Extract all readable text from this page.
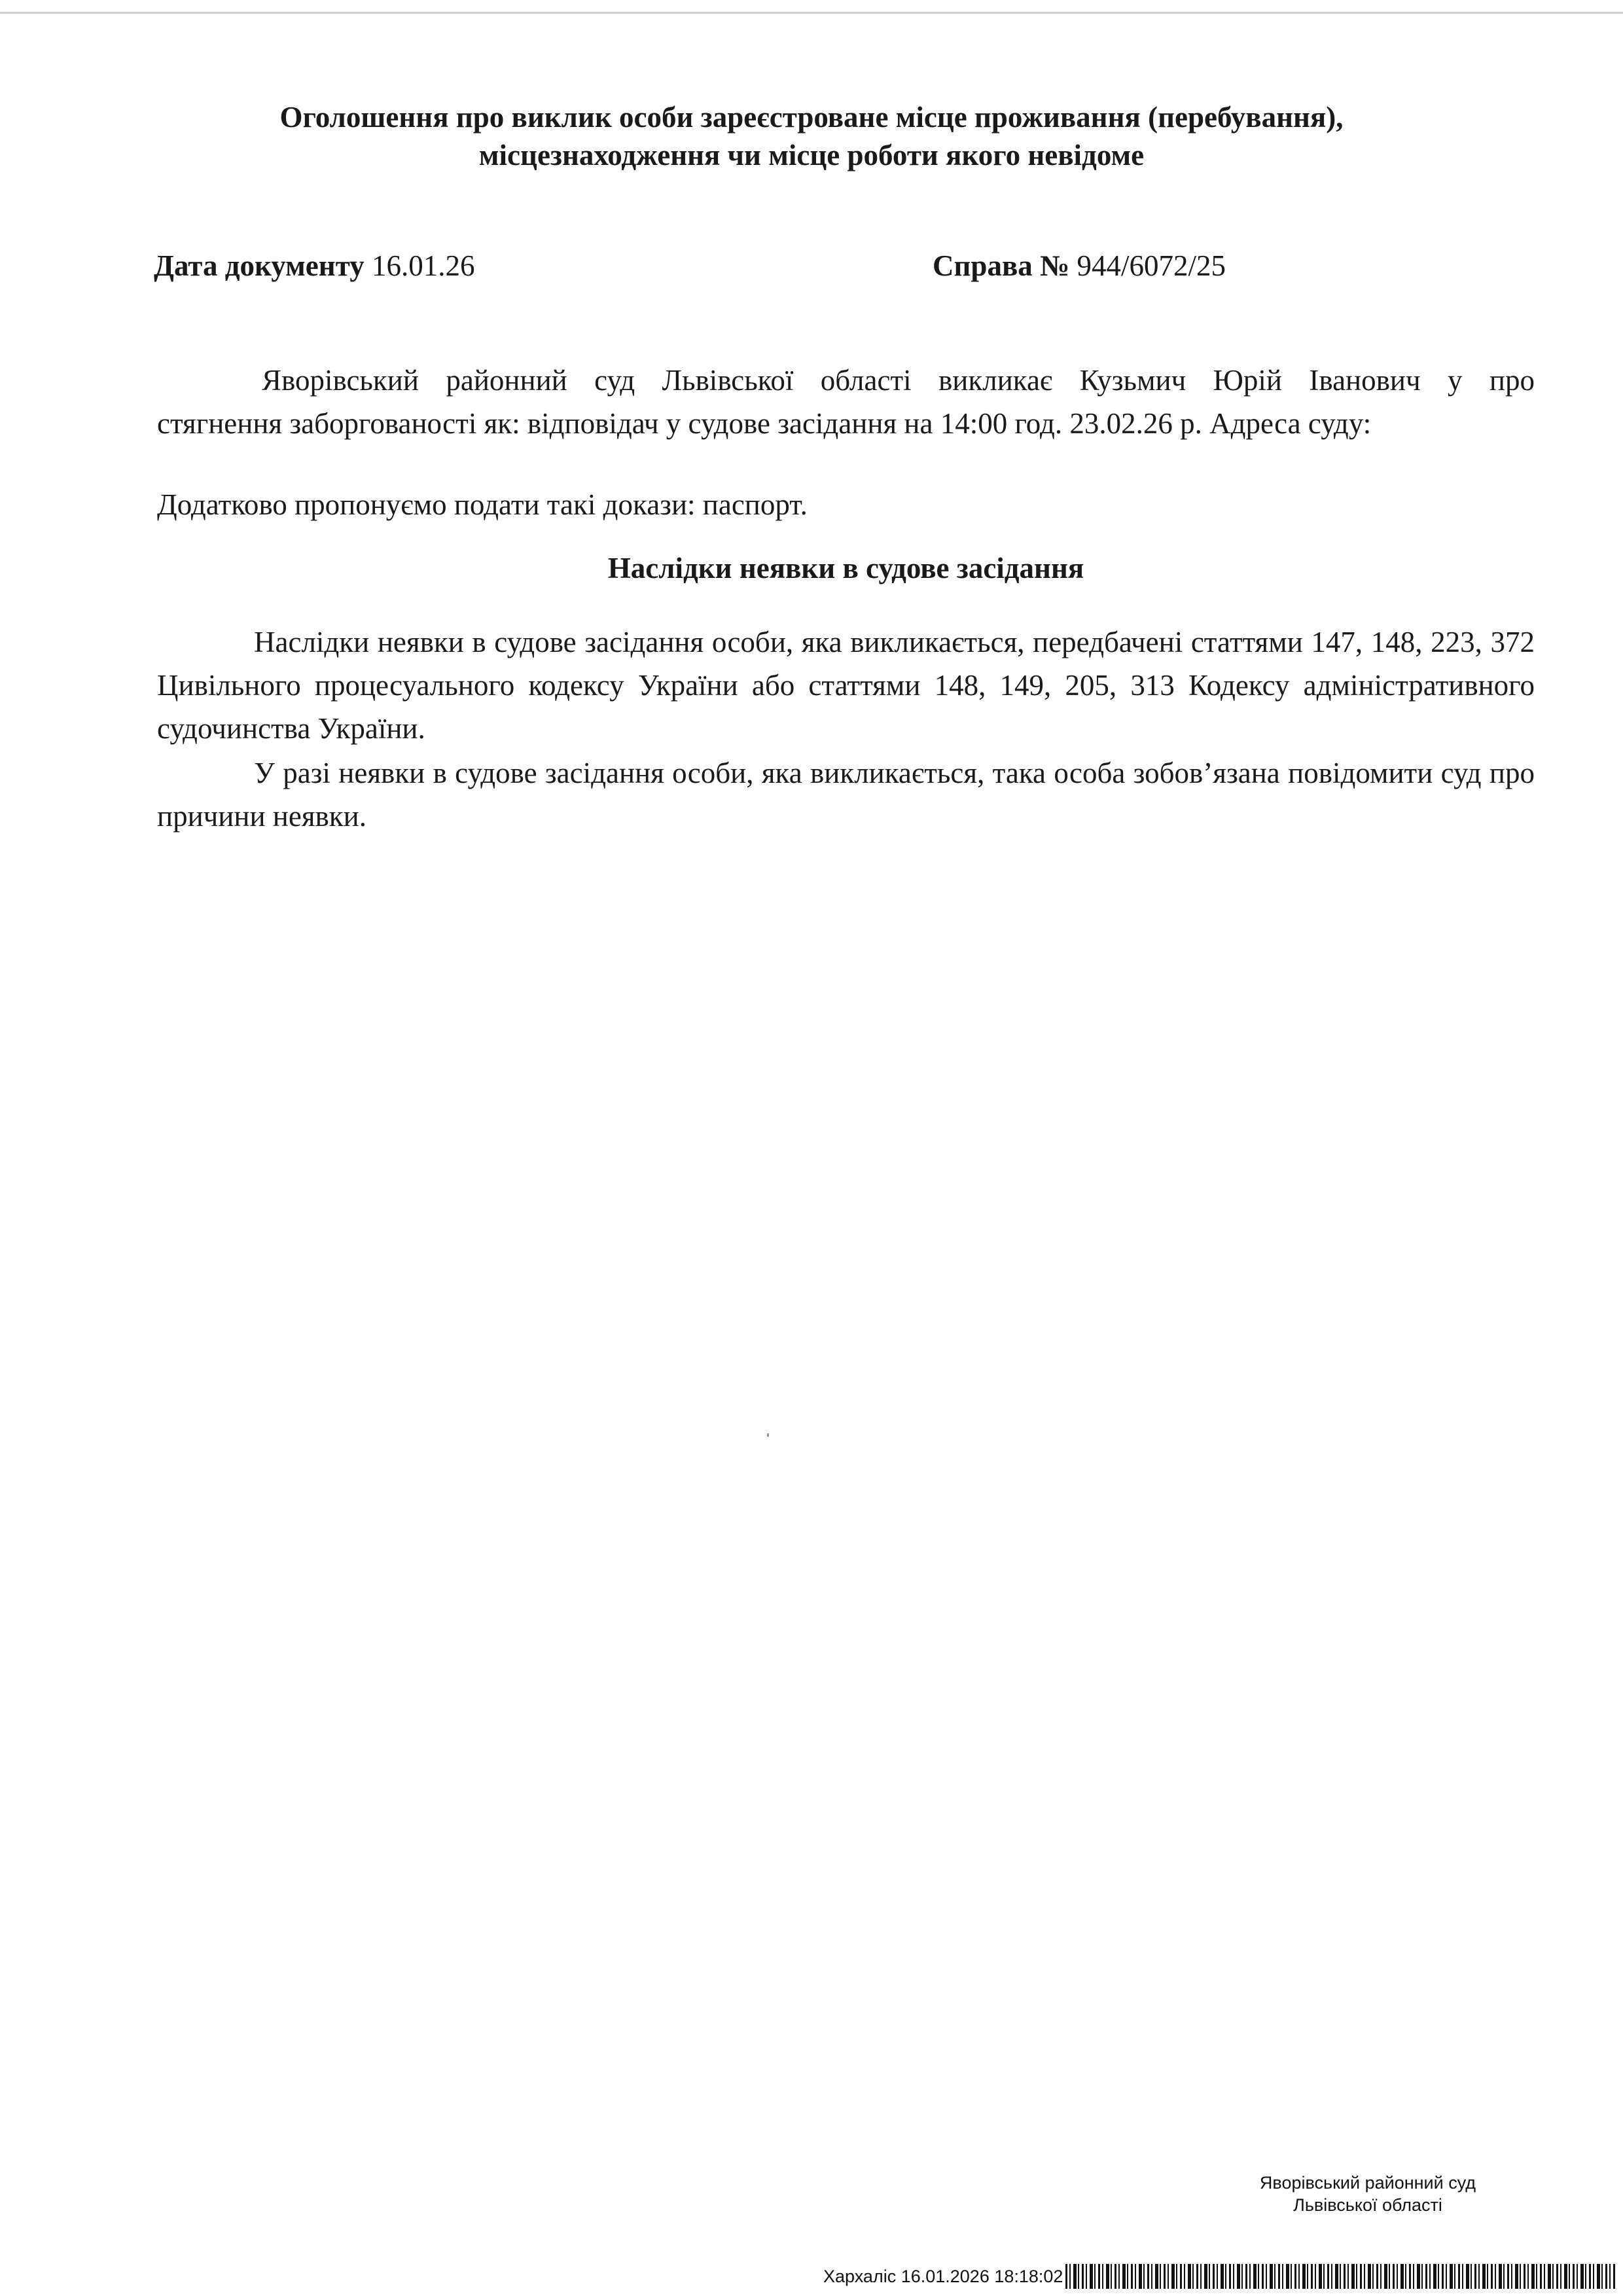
Оголошення про виклик особи зареєстроване місце проживання (перебування),
місцезнаходження чи місце роботи якого невідоме
Дата документу 16.01.26	Справа № 944/6072/25
Яворівський районний суд Львівської області викликає Кузьмич Юрій Іванович у про
стягнення заборгованості як: відповідач у судове засідання на 14:00 год. 23.02.26 р. Адреса суду:
Додатково пропонуємо подати такі докази: паспорт.
Наслідки неявки в судове засідання
Наслідки неявки в судове засідання особи, яка викликається, передбачені статтями 147, 148, 223, 372 Цивільного процесуального кодексу України або статтями 148, 149, 205, 313 Кодексу адміністративного судочинства України.
У разі неявки в судове засідання особи, яка викликається, така особа зобов’язана повідомити суд про причини неявки.
Яворівський районний суд
Львівської області
Хархаліс 16.01.2026 18:18:02
